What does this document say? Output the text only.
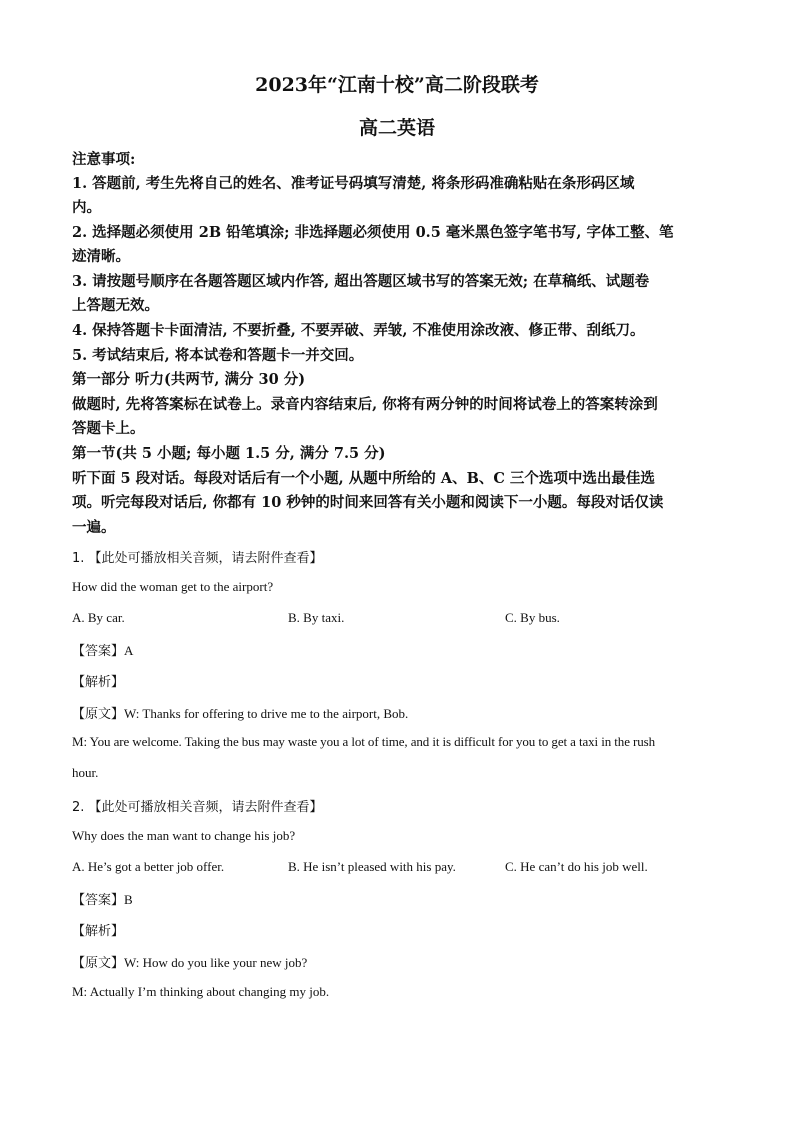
2023年“江南十校”高二阶段联考
高二英语
注意事项:
1. 答题前, 考生先将自己的姓名、准考证号码填写清楚, 将条形码准确粘贴在条形码区域
内。
2. 选择题必须使用 2B 铅笔填涂; 非选择题必须使用 0.5 毫米黑色签字笔书写, 字体工整、笔
迹清晰。
3. 请按题号顺序在各题答题区域内作答, 超出答题区域书写的答案无效; 在草稿纸、试题卷
上答题无效。
4. 保持答题卡卡面清洁, 不要折叠, 不要弄破、弄皱, 不准使用涂改液、修正带、刮纸刀。
5. 考试结束后, 将本试卷和答题卡一并交回。
第一部分 听力(共两节, 满分 30 分)
做题时, 先将答案标在试卷上。录音内容结束后, 你将有两分钟的时间将试卷上的答案转涂到
答题卡上。
第一节(共 5 小题; 每小题 1.5 分, 满分 7.5 分)
听下面 5 段对话。每段对话后有一个小题, 从题中所给的 A、B、C 三个选项中选出最佳选
项。听完每段对话后, 你都有 10 秒钟的时间来回答有关小题和阅读下一小题。每段对话仅读
一遍。
1. 【此处可播放相关音频，请去附件查看】
How did the woman get to the airport?
A. By car.	B. By taxi.	C. By bus.
【答案】A
【解析】
【原文】W: Thanks for offering to drive me to the airport, Bob.
M: You are welcome. Taking the bus may waste you a lot of time, and it is difficult for you to get a taxi in the rush
hour.
2. 【此处可播放相关音频，请去附件查看】
Why does the man want to change his job?
A. He’s got a better job offer.	B. He isn’t pleased with his pay.	C. He can’t do his job well.
【答案】B
【解析】
【原文】W: How do you like your new job?
M: Actually I’m thinking about changing my job.
